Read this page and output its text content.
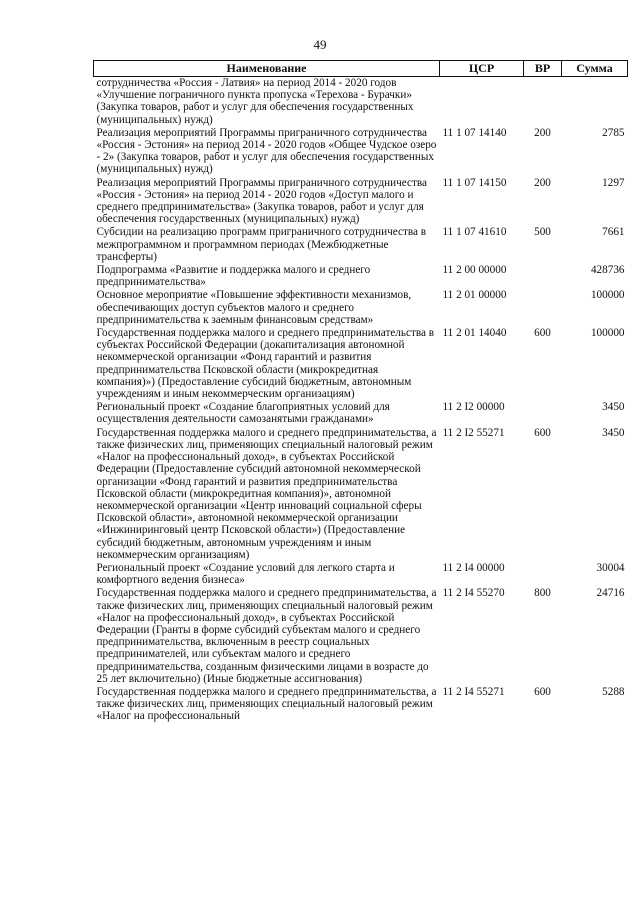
49
Наименование	ЦСР	ВР	Сумма
сотрудничества «Россия - Латвия» на период 2014 - 2020 годов «Улучшение пограничного пункта пропуска «Терехова - Бурачки» (Закупка товаров, работ и услуг для обеспечения государственных (муниципальных) нужд)			
Реализация мероприятий Программы приграничного сотрудничества «Россия - Эстония» на период 2014 - 2020 годов «Общее Чудское озеро - 2» (Закупка товаров, работ и услуг для обеспечения государственных (муниципальных) нужд)	11 1 07 14140	200	2785
Реализация мероприятий Программы приграничного сотрудничества «Россия - Эстония» на период 2014 - 2020 годов «Доступ малого и среднего предпринимательства» (Закупка товаров, работ и услуг для обеспечения государственных (муниципальных) нужд)	11 1 07 14150	200	1297
Субсидии на реализацию программ приграничного сотрудничества в межпрограммном и программном периодах (Межбюджетные трансферты)	11 1 07 41610	500	7661
Подпрограмма «Развитие и поддержка малого и среднего предпринимательства»	11 2 00 00000		428736
Основное мероприятие «Повышение эффективности механизмов, обеспечивающих доступ субъектов малого и среднего предпринимательства к заемным финансовым средствам»	11 2 01 00000		100000
Государственная поддержка малого и среднего предпринимательства в субъектах Российской Федерации (докапитализация автономной некоммерческой организации «Фонд гарантий и развития предпринимательства Псковской области (микрокредитная компания)») (Предоставление субсидий бюджетным, автономным учреждениям и иным некоммерческим организациям)	11 2 01 14040	600	100000
Региональный проект «Создание благоприятных условий для осуществления деятельности самозанятыми гражданами»	11 2 I2 00000		3450
Государственная поддержка малого и среднего предпринимательства, а также физических лиц, применяющих специальный налоговый режим «Налог на профессиональный доход», в субъектах Российской Федерации (Предоставление субсидий автономной некоммерческой организации «Фонд гарантий и развития предпринимательства Псковской области (микрокредитная компания)», автономной некоммерческой организации «Центр инноваций социальной сферы Псковской области», автономной некоммерческой организации «Инжиниринговый центр Псковской области») (Предоставление субсидий бюджетным, автономным учреждениям и иным некоммерческим организациям)	11 2 I2 55271	600	3450
Региональный проект «Создание условий для легкого старта и комфортного ведения бизнеса»	11 2 I4 00000		30004
Государственная поддержка малого и среднего предпринимательства, а также физических лиц, применяющих специальный налоговый режим «Налог на профессиональный доход», в субъектах Российской Федерации (Гранты в форме субсидий субъектам малого и среднего предпринимательства, включенным в реестр социальных предпринимателей, или субъектам малого и среднего предпринимательства, созданным физическими лицами в возрасте до 25 лет включительно) (Иные бюджетные ассигнования)	11 2 I4 55270	800	24716
Государственная поддержка малого и среднего предпринимательства, а также физических лиц, применяющих специальный налоговый режим «Налог на профессиональный	11 2 I4 55271	600	5288
